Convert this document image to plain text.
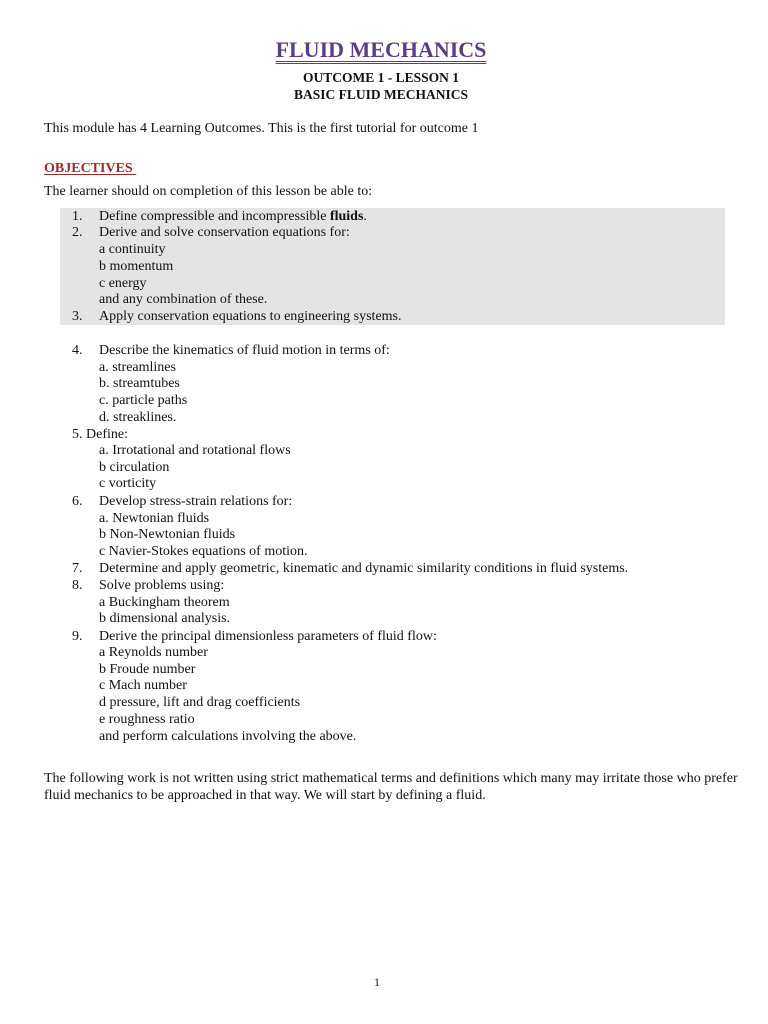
FLUID MECHANICS
OUTCOME 1 - LESSON 1
BASIC FLUID MECHANICS
This module has 4 Learning Outcomes. This is the first tutorial for outcome 1
OBJECTIVES
The learner should on completion of this lesson be able to:
1. Define compressible and incompressible fluids.
2. Derive and solve conservation equations for:
a continuity
b momentum
c energy
and any combination of these.
3. Apply conservation equations to engineering systems.
4. Describe the kinematics of fluid motion in terms of:
a. streamlines
b. streamtubes
c. particle paths
d. streaklines.
5. Define:
a. Irrotational and rotational flows
b circulation
c vorticity
6. Develop stress-strain relations for:
a. Newtonian fluids
b Non-Newtonian fluids
c Navier-Stokes equations of motion.
7. Determine and apply geometric, kinematic and dynamic similarity conditions in fluid systems.
8. Solve problems using:
a Buckingham theorem
b dimensional analysis.
9. Derive the principal dimensionless parameters of fluid flow:
a Reynolds number
b Froude number
c Mach number
d pressure, lift and drag coefficients
e roughness ratio
and perform calculations involving the above.
The following work is not written using strict mathematical terms and definitions which many may irritate those who prefer fluid mechanics to be approached in that way. We will start by defining a fluid.
1
